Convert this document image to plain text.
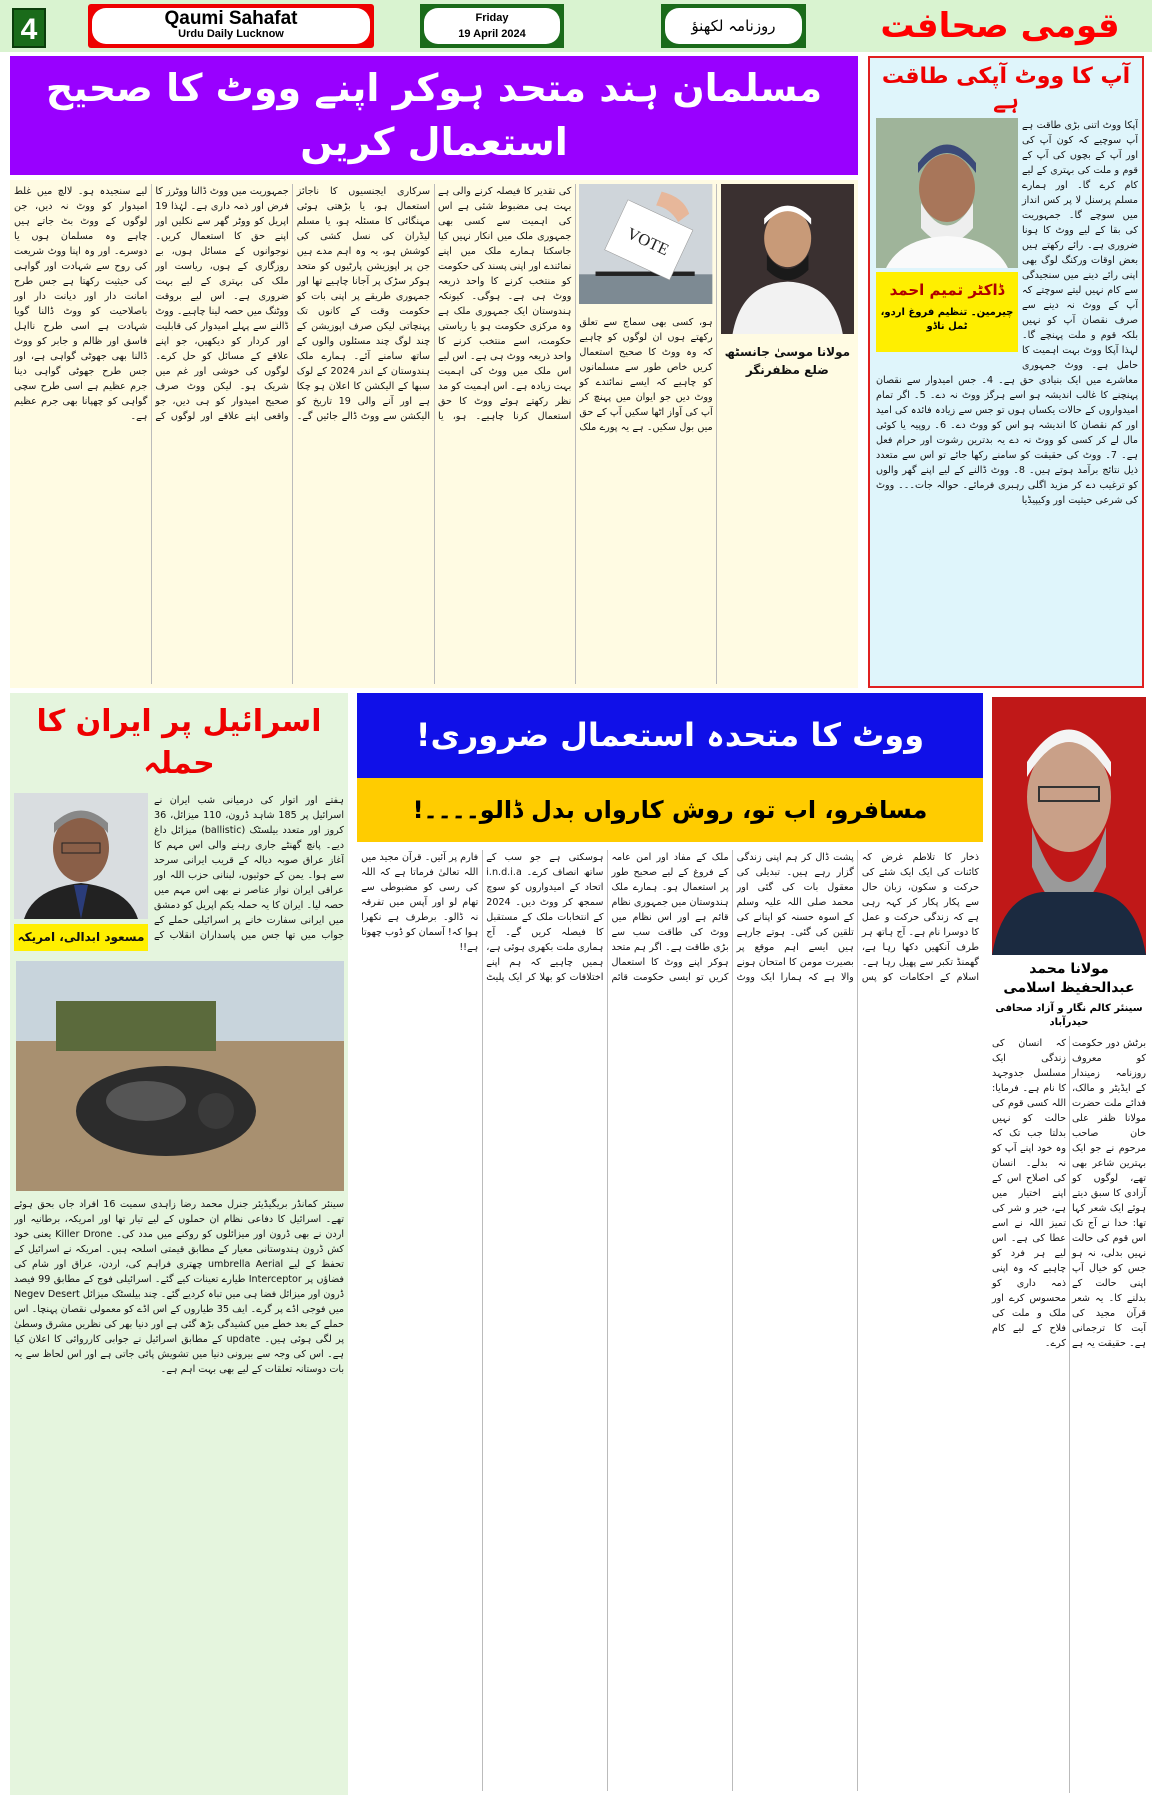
4	Qaumi Sahafat
Urdu Daily Lucknow
Friday
19 April 2024	روزنامہ لکھنؤ	قومی صحافت
مسلمان ہند متحد ہوکر اپنے ووٹ کا صحیح استعمال کریں
مولانا موسیٰ جانسٹھ ضلع مظفرنگر
VOTE
ہو، کسی بھی سماج سے تعلق رکھتے ہوں ان لوگوں کو چاہیے کہ وہ ووٹ کا صحیح استعمال کریں خاص طور سے مسلمانوں کو چاہیے کہ ایسے نمائندے کو ووٹ دیں جو ایوان میں پہنچ کر آپ کی آواز اٹھا سکیں آپ کے حق میں بول سکیں۔ ہے یہ پورے ملک کی تقدیر کا فیصلہ کرنے والی ہے بہت ہی مضبوط شئی ہے اس کی اہمیت سے کسی بھی جمہوری ملک میں انکار نہیں کیا جاسکتا ہمارے ملک میں اپنے نمائندے اور اپنی پسند کی حکومت کو منتخب کرنے کا واحد ذریعہ ووٹ ہی ہے۔ ہوگی۔ کیونکہ ہندوستان ایک جمہوری ملک ہے وہ مرکزی حکومت ہو یا ریاستی حکومت، اسے منتخب کرنے کا واحد ذریعہ ووٹ ہی ہے۔ اس لیے اس ملک میں ووٹ کی اہمیت بہت زیادہ ہے۔ اس اہمیت کو مد نظر رکھتے ہوئے ووٹ کا حق استعمال کرنا چاہیے۔ ہو، یا سرکاری ایجنسیوں کا ناجائز استعمال ہو، یا بڑھتی ہوئی مہنگائی کا مسئلہ ہو، یا مسلم لیڈران کی نسل کشی کی کوشش ہو، یہ وہ اہم مدے ہیں جن پر اپوزیشن پارٹیوں کو متحد ہوکر سڑک پر آجانا چاہیے تھا اور جمہوری طریقے پر اپنی بات کو حکومت وقت کے کانوں تک پہنچاتی لیکن صرف اپوزیشن کے چند لوگ چند مسئلوں والوں کے ساتھ سامنے آئے۔ ہمارے ملک ہندوستان کے اندر 2024 کے لوک سبھا کے الیکشن کا اعلان ہو چکا ہے اور آنے والی 19 تاریخ کو الیکشن سے ووٹ ڈالے جائیں گے۔ جمہوریت میں ووٹ ڈالنا ووٹرز کا فرض اور ذمہ داری ہے۔ لہٰذا 19 اپریل کو ووٹر گھر سے نکلیں اور اپنے حق کا استعمال کریں۔ نوجوانوں کے مسائل ہوں، بے روزگاری کے ہوں، ریاست اور ملک کی بہتری کے لیے بہت ضروری ہے۔ اس لیے بروقت ووٹنگ میں حصہ لینا چاہیے۔ ووٹ ڈالنے سے پہلے امیدوار کی قابلیت اور کردار کو دیکھیں، جو اپنے علاقے کے مسائل کو حل کرے۔ لوگوں کی خوشی اور غم میں شریک ہو۔ لیکن ووٹ صرف صحیح امیدوار کو ہی دیں، جو واقعی اپنے علاقے اور لوگوں کے لیے سنجیدہ ہو۔ لالچ میں غلط امیدوار کو ووٹ نہ دیں، جن لوگوں کے ووٹ بٹ جاتے ہیں چاہے وہ مسلمان ہوں یا دوسرے۔ اور وہ اپنا ووٹ شریعت کی روح سے شہادت اور گواہی کی حیثیت رکھتا ہے جس طرح امانت دار اور دیانت دار اور باصلاحیت کو ووٹ ڈالنا گویا شہادت ہے اسی طرح نااہل فاسق اور ظالم و جابر کو ووٹ ڈالنا بھی جھوٹی گواہی ہے، اور جس طرح جھوٹی گواہی دینا جرم عظیم ہے اسی طرح سچی گواہی کو چھپانا بھی جرم عظیم ہے۔
آپ کا ووٹ آپکی طاقت ہے
آپکا ووٹ اتنی بڑی طاقت ہے آپ سوچیے کہ کون آپ کی اور آپ کے بچوں کی آپ کے قوم و ملت کی بہتری کے لیے کام کرے گا۔ اور ہمارے مسلم پرسنل لا پر کس انداز میں سوچے گا۔ جمہوریت کی بقا کے لیے ووٹ کا ہونا ضروری ہے۔ رائے رکھتے ہیں بعض اوقات ورکنگ لوگ بھی اپنی رائے دینے میں سنجیدگی سے کام نہیں لیتے سوچتے کہ آپ کے ووٹ نہ دینے سے صرف نقصان آپ کو نہیں بلکہ قوم و ملت پہنچے گا۔ لہذا آپکا ووٹ بہت اہمیت کا حامل ہے۔ ووٹ جمہوری معاشرے میں ایک بنیادی حق ہے۔ 4۔ جس امیدوار سے نقصان پہنچنے کا غالب اندیشہ ہو اسے ہرگز ووٹ نہ دے۔ 5۔ اگر تمام امیدواروں کے حالات یکساں ہوں تو جس سے زیادہ فائدہ کی امید اور کم نقصان کا اندیشہ ہو اس کو ووٹ دے۔ 6۔ روپیہ یا کوئی مال لے کر کسی کو ووٹ نہ دے یہ بدترین رشوت اور حرام فعل ہے۔ 7۔ ووٹ کی حقیقت کو سامنے رکھا جائے تو اس سے متعدد ذیل نتائج برآمد ہوتے ہیں۔ 8۔ ووٹ ڈالنے کے لیے اپنے گھر والوں کو ترغیب دے کر مزید اگلی رہبری فرمائے۔ حوالہ جات۔۔۔ ووٹ کی شرعی حیثیت اور وکیپیڈیا
ڈاکٹر تمیم احمد
چیرمین۔ تنظیم فروغ اردو، ٹمل ناڈو
اسرائیل پر ایران کا حملہ
مسعود ابدالی، امریکہ
ہفتے اور اتوار کی درمیانی شب ایران نے اسرائیل پر 185 شاہد ڈرون، 110 میزائل، 36 کروز اور متعدد بیلسٹک (ballistic) میزائل داغ دیے۔ پانچ گھنٹے جاری رہنے والی اس مہم کا آغاز عراق صوبہ دیالہ کے قریب ایرانی سرحد سے ہوا۔ یمن کے حوثیوں، لبنانی حزب اللہ اور عراقی ایران نواز عناصر نے بھی اس مہم میں حصہ لیا۔ ایران کا یہ حملہ یکم اپریل کو دمشق میں ایرانی سفارت خانے پر اسرائیلی حملے کے جواب میں تھا جس میں پاسداران انقلاب کے سینئر کمانڈر بریگیڈیئر جنرل محمد رضا زاہدی سمیت 16 افراد جاں بحق ہوئے تھے۔ اسرائیل کا دفاعی نظام ان حملوں کے لیے تیار تھا اور امریکہ، برطانیہ اور اردن نے بھی ڈرون اور میزائلوں کو روکنے میں مدد کی۔ Killer Drone یعنی خود کش ڈرون ہندوستانی معیار کے مطابق قیمتی اسلحہ ہیں۔ امریکہ نے اسرائیل کے تحفظ کے لیے umbrella Aerial چھتری فراہم کی، اردن، عراق اور شام کی فضاؤں پر Interceptor طیارے تعینات کیے گئے۔ اسرائیلی فوج کے مطابق 99 فیصد ڈرون اور میزائل فضا ہی میں تباہ کردیے گئے۔ چند بیلسٹک میزائل Negev Desert میں فوجی اڈے پر گرے۔ ایف 35 طیاروں کے اس اڈے کو معمولی نقصان پہنچا۔ اس حملے کے بعد خطے میں کشیدگی بڑھ گئی ہے اور دنیا بھر کی نظریں مشرق وسطیٰ پر لگی ہوئی ہیں۔ update کے مطابق اسرائیل نے جوابی کارروائی کا اعلان کیا ہے۔ اس کی وجہ سے بیرونی دنیا میں تشویش پائی جاتی ہے اور اس لحاظ سے یہ بات دوستانہ تعلقات کے لیے بھی بہت اہم ہے۔
ووٹ کا متحدہ استعمال ضروری!
مسافرو، اب تو، روش کارواں بدل ڈالو۔۔۔۔!
ذخار کا تلاطم غرض کہ کائنات کی ایک ایک شئے کی حرکت و سکون، زبان حال سے پکار پکار کر کہہ رہی ہے کہ زندگی حرکت و عمل کا دوسرا نام ہے۔ آج ہاتھ ہر طرف آنکھیں دکھا رہا ہے، گھمنڈ تکبر سے پھیل رہا ہے۔ اسلام کے احکامات کو پس پشت ڈال کر ہم اپنی زندگی گزار رہے ہیں۔ تبدیلی کی معقول بات کی گئی اور محمد صلی اللہ علیہ وسلم کے اسوہ حسنہ کو اپنانے کی تلقین کی گئی۔ ہوتے جارہے ہیں ایسے اہم موقع پر بصیرت مومن کا امتحان ہونے والا ہے کہ ہمارا ایک ووٹ ملک کے مفاد اور امن عامہ کے فروغ کے لیے صحیح طور پر استعمال ہو۔ ہمارے ملک ہندوستان میں جمہوری نظام قائم ہے اور اس نظام میں ووٹ کی طاقت سب سے بڑی طاقت ہے۔ اگر ہم متحد ہوکر اپنے ووٹ کا استعمال کریں تو ایسی حکومت قائم ہوسکتی ہے جو سب کے ساتھ انصاف کرے۔ i.n.d.i.a اتحاد کے امیدواروں کو سوچ سمجھ کر ووٹ دیں۔ 2024 کے انتخابات ملک کے مستقبل کا فیصلہ کریں گے۔ آج ہماری ملت بکھری ہوئی ہے، ہمیں چاہیے کہ ہم اپنے اختلافات کو بھلا کر ایک پلیٹ فارم پر آئیں۔ قرآن مجید میں اللہ تعالیٰ فرماتا ہے کہ اللہ کی رسی کو مضبوطی سے تھام لو اور آپس میں تفرقہ نہ ڈالو۔ برطرف ہے نکھرا ہوا کہ! آسمان کو ڈوب چھوتا ہے!!
مولانا محمد عبدالحفیظ اسلامی
سینئر کالم نگار و آزاد صحافی حیدرآباد
برٹش دور حکومت کو معروف روزنامہ زمیندار کے ایڈیٹر و مالک، فدائے ملت حضرت مولانا ظفر علی خان صاحب مرحوم نے جو ایک بہترین شاعر بھی تھے، لوگوں کو آزادی کا سبق دیتے ہوئے ایک شعر کہا تھا: خدا نے آج تک اس قوم کی حالت نہیں بدلی، نہ ہو جس کو خیال آپ اپنی حالت کے بدلنے کا۔ یہ شعر قرآن مجید کی آیت کا ترجمانی ہے۔ حقیقت یہ ہے کہ انسان کی زندگی ایک مسلسل جدوجہد کا نام ہے۔ فرمایا: اللہ کسی قوم کی حالت کو نہیں بدلتا جب تک کہ وہ خود اپنے آپ کو نہ بدلے۔ انسان کی اصلاح اس کے اپنے اختیار میں ہے، خیر و شر کی تمیز اللہ نے اسے عطا کی ہے۔ اس لیے ہر فرد کو چاہیے کہ وہ اپنی ذمہ داری کو محسوس کرے اور ملک و ملت کی فلاح کے لیے کام کرے۔
